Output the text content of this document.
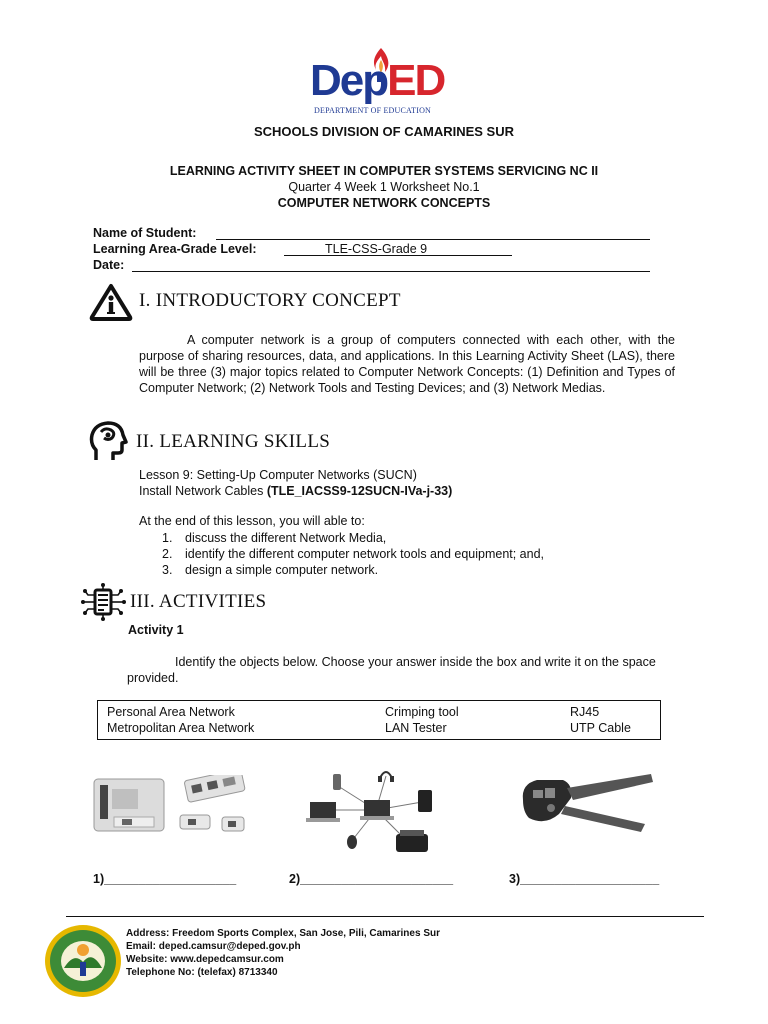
DepED
DEPARTMENT OF EDUCATION
SCHOOLS DIVISION OF CAMARINES SUR
LEARNING ACTIVITY SHEET IN COMPUTER SYSTEMS SERVICING NC II
Quarter 4 Week 1 Worksheet No.1
COMPUTER NETWORK CONCEPTS
Name of Student:
Learning Area-Grade Level:	TLE-CSS-Grade 9
Date:
I. INTRODUCTORY CONCEPT
A computer network is a group of computers connected with each other, with the purpose of sharing resources, data, and applications. In this Learning Activity Sheet (LAS), there will be three (3) major topics related to Computer Network Concepts: (1) Definition and Types of Computer Network; (2) Network Tools and Testing Devices; and (3) Network Medias.
II. LEARNING SKILLS
Lesson 9: Setting-Up Computer Networks (SUCN)
Install Network Cables (TLE_IACSS9-12SUCN-IVa-j-33)
At the end of this lesson, you will able to:
1. discuss the different Network Media,
2. identify the different computer network tools and equipment; and,
3. design a simple computer network.
III. ACTIVITIES
Activity 1
Identify the objects below. Choose your answer inside the box and write it on the space provided.
Personal Area Network	Crimping tool	RJ45
Metropolitan Area Network	LAN Tester	UTP Cable
1)___________________	2)______________________	3)____________________
Address: Freedom Sports Complex, San Jose, Pili, Camarines Sur
Email: deped.camsur@deped.gov.ph
Website: www.depedcamsur.com
Telephone No: (telefax) 8713340
